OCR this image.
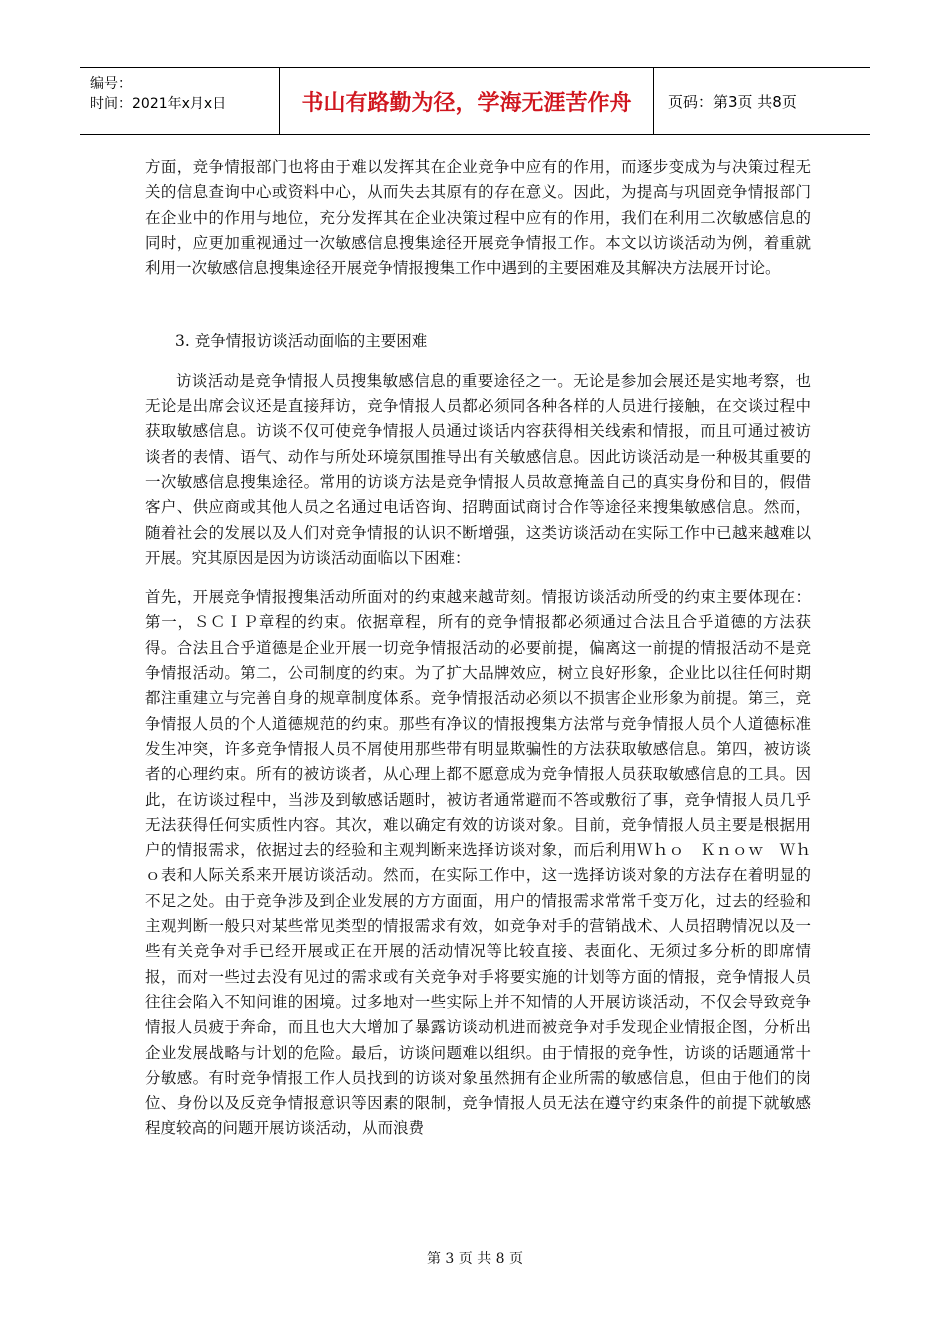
编号：
时间：2021年x月x日	书山有路勤为径，学海无涯苦作舟	页码：第3页 共8页

方面，竞争情报部门也将由于难以发挥其在企业竞争中应有的作用，而逐步变成为与决策过程无关的信息查询中心或资料中心，从而失去其原有的存在意义。因此，为提高与巩固竞争情报部门在企业中的作用与地位，充分发挥其在企业决策过程中应有的作用，我们在利用二次敏感信息的同时，应更加重视通过一次敏感信息搜集途径开展竞争情报工作。本文以访谈活动为例，着重就利用一次敏感信息搜集途径开展竞争情报搜集工作中遇到的主要困难及其解决方法展开讨论。

3. 竞争情报访谈活动面临的主要困难

访谈活动是竞争情报人员搜集敏感信息的重要途径之一。无论是参加会展还是实地考察，也无论是出席会议还是直接拜访，竞争情报人员都必须同各种各样的人员进行接触，在交谈过程中获取敏感信息。访谈不仅可使竞争情报人员通过谈话内容获得相关线索和情报，而且可通过被访谈者的表情、语气、动作与所处环境氛围推导出有关敏感信息。因此访谈活动是一种极其重要的一次敏感信息搜集途径。常用的访谈方法是竞争情报人员故意掩盖自己的真实身份和目的，假借客户、供应商或其他人员之名通过电话咨询、招聘面试商讨合作等途径来搜集敏感信息。然而，随着社会的发展以及人们对竞争情报的认识不断增强，这类访谈活动在实际工作中已越来越难以开展。究其原因是因为访谈活动面临以下困难：

首先，开展竞争情报搜集活动所面对的约束越来越苛刻。情报访谈活动所受的约束主要体现在：第一，ＳＣＩＰ章程的约束。依据章程，所有的竞争情报都必须通过合法且合乎道德的方法获得。合法且合乎道德是企业开展一切竞争情报活动的必要前提，偏离这一前提的情报活动不是竞争情报活动。第二，公司制度的约束。为了扩大品牌效应，树立良好形象，企业比以往任何时期都注重建立与完善自身的规章制度体系。竞争情报活动必须以不损害企业形象为前提。第三，竞争情报人员的个人道德规范的约束。那些有净议的情报搜集方法常与竞争情报人员个人道德标准发生冲突，许多竞争情报人员不屑使用那些带有明显欺骗性的方法获取敏感信息。第四，被访谈者的心理约束。所有的被访谈者，从心理上都不愿意成为竞争情报人员获取敏感信息的工具。因此，在访谈过程中，当涉及到敏感话题时，被访者通常避而不答或敷衍了事，竞争情报人员几乎无法获得任何实质性内容。其次，难以确定有效的访谈对象。目前，竞争情报人员主要是根据用户的情报需求，依据过去的经验和主观判断来选择访谈对象，而后利用Ｗｈｏ　Ｋｎｏｗ　Ｗｈｏ表和人际关系来开展访谈活动。然而，在实际工作中，这一选择访谈对象的方法存在着明显的不足之处。由于竞争涉及到企业发展的方方面面，用户的情报需求常常千变万化，过去的经验和主观判断一般只对某些常见类型的情报需求有效，如竞争对手的营销战术、人员招聘情况以及一些有关竞争对手已经开展或正在开展的活动情况等比较直接、表面化、无须过多分析的即席情报，而对一些过去没有见过的需求或有关竞争对手将要实施的计划等方面的情报，竞争情报人员往往会陷入不知问谁的困境。过多地对一些实际上并不知情的人开展访谈活动，不仅会导致竞争情报人员疲于奔命，而且也大大增加了暴露访谈动机进而被竞争对手发现企业情报企图，分析出企业发展战略与计划的危险。最后，访谈问题难以组织。由于情报的竞争性，访谈的话题通常十分敏感。有时竞争情报工作人员找到的访谈对象虽然拥有企业所需的敏感信息，但由于他们的岗位、身份以及反竞争情报意识等因素的限制，竞争情报人员无法在遵守约束条件的前提下就敏感程度较高的问题开展访谈活动，从而浪费

第 3 页 共 8 页
